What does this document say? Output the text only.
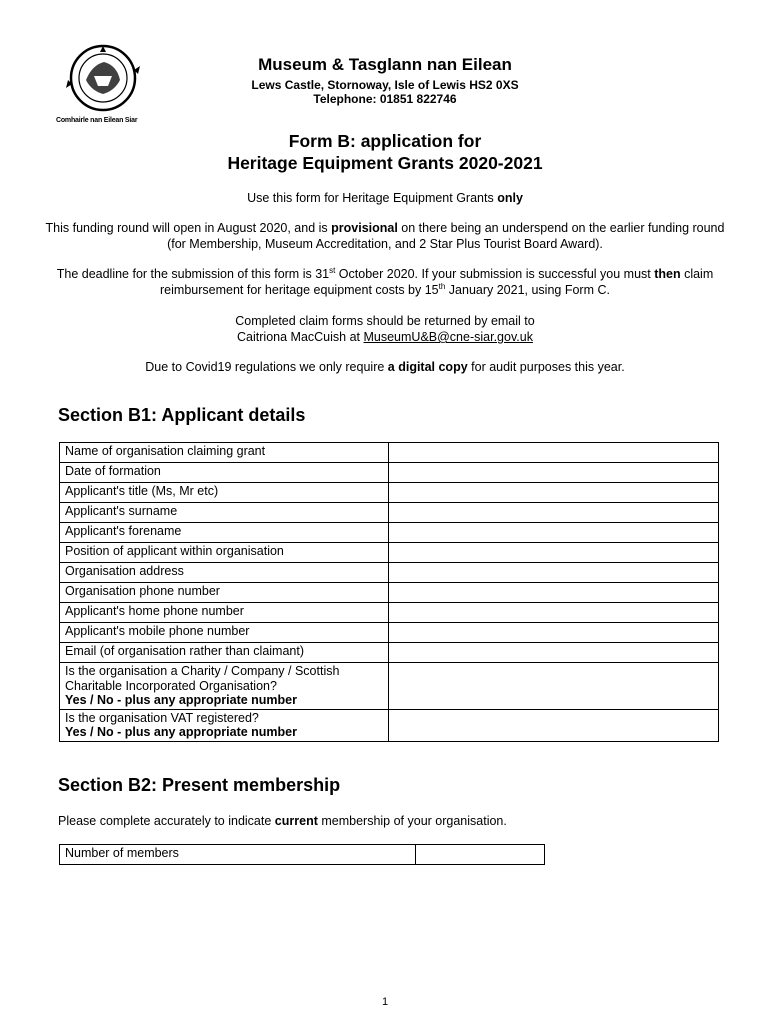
Comhairle nan Eilean Siar
Museum & Tasglann nan Eilean
Lews Castle, Stornoway, Isle of Lewis HS2 0XS
Telephone: 01851 822746
Form B: application for
Heritage Equipment Grants 2020-2021
Use this form for Heritage Equipment Grants only
This funding round will open in August 2020, and is provisional on there being an underspend on the earlier funding round (for Membership, Museum Accreditation, and 2 Star Plus Tourist Board Award).
The deadline for the submission of this form is 31st October 2020. If your submission is successful you must then claim reimbursement for heritage equipment costs by 15th January 2021, using Form C.
Completed claim forms should be returned by email to
Caitriona MacCuish at MuseumU&B@cne-siar.gov.uk
Due to Covid19 regulations we only require a digital copy for audit purposes this year.
Section B1: Applicant details
Name of organisation claiming grant	
Date of formation	
Applicant's title (Ms, Mr etc)	
Applicant's surname	
Applicant's forename	
Position of applicant within organisation	
Organisation address	
Organisation phone number	
Applicant's home phone number	
Applicant's mobile phone number	
Email (of organisation rather than claimant)	

Is the organisation a Charity / Company / Scottish Charitable Incorporated Organisation?
Yes / No - plus any appropriate number	

Is the organisation VAT registered?
Yes / No - plus any appropriate number	
Section B2: Present membership
Please complete accurately to indicate current membership of your organisation.
Number of members	
1
